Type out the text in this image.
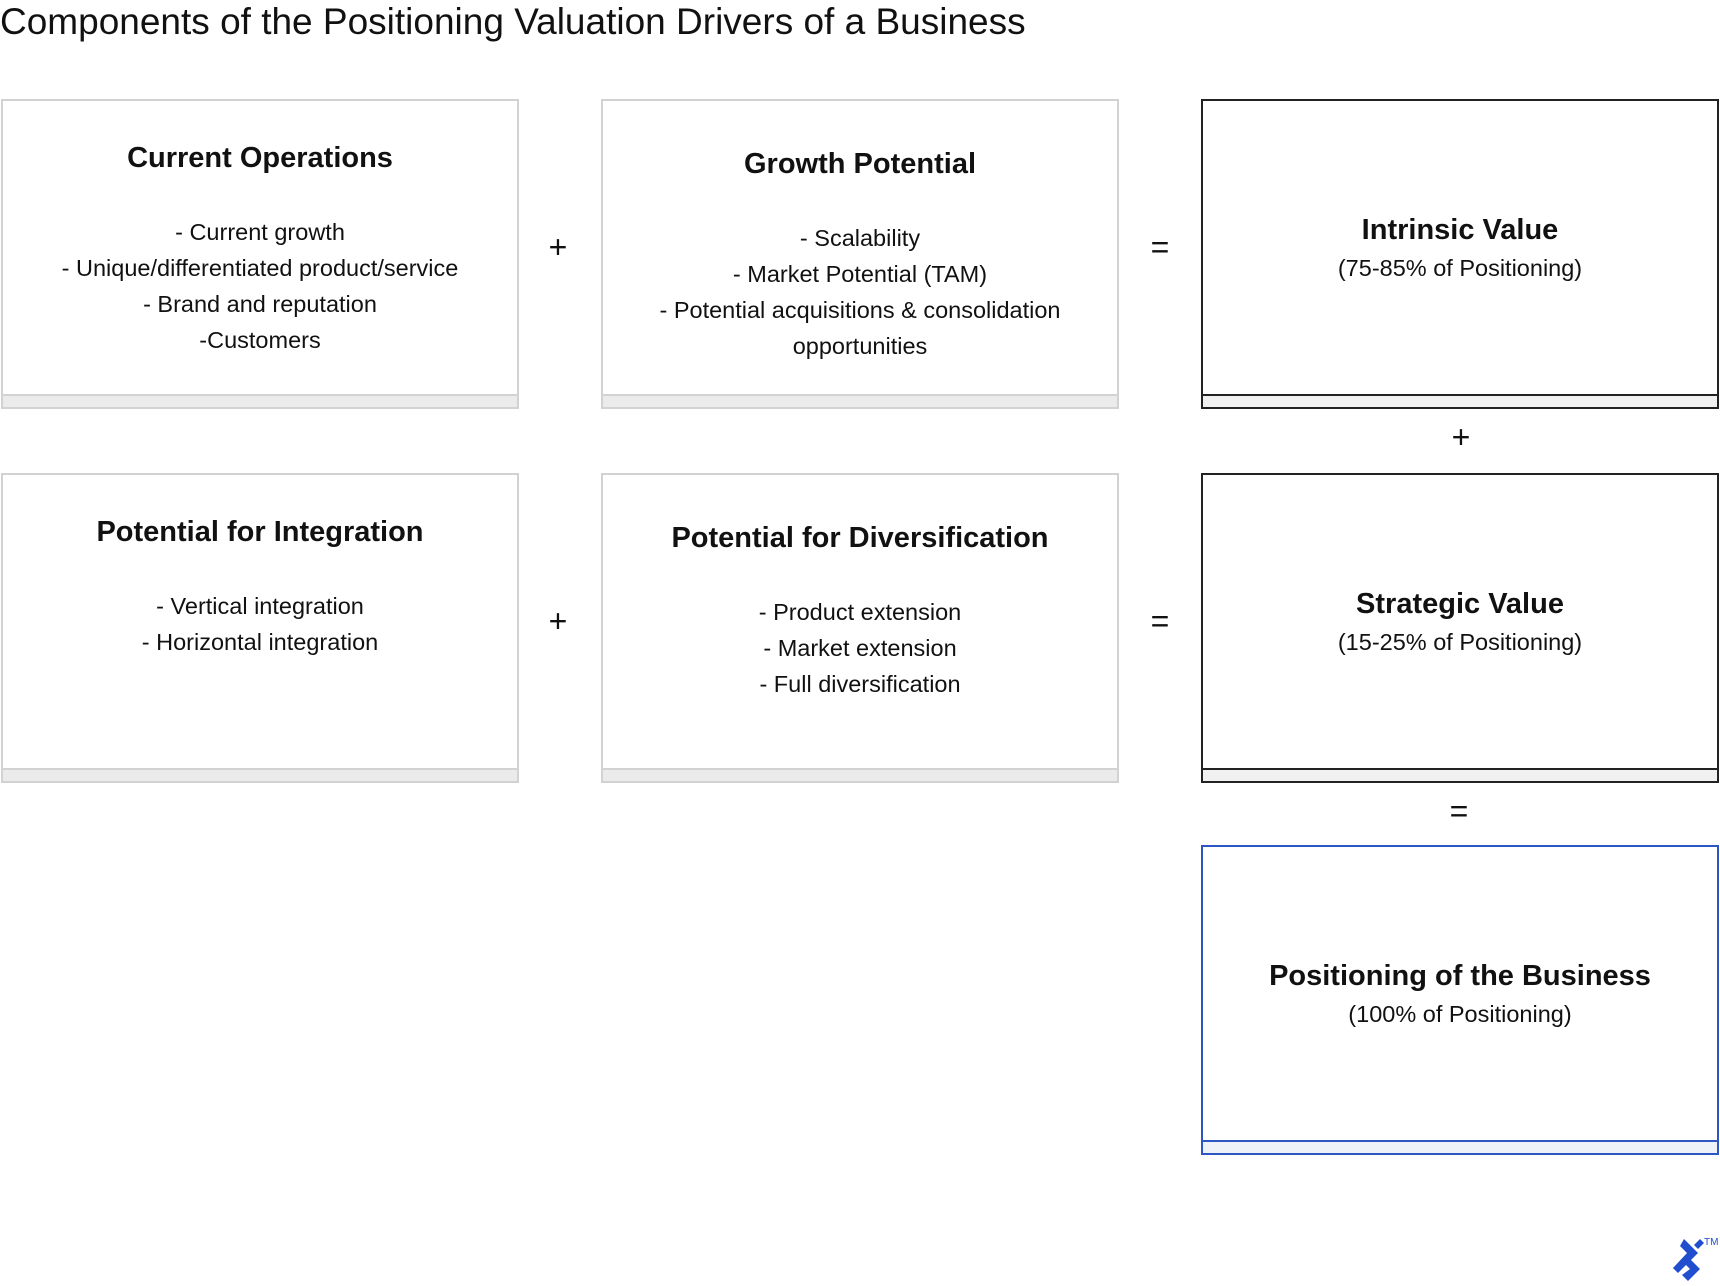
Components of the Positioning Valuation Drivers of a Business
Current Operations
- Current growth
- Unique/differentiated product/service
- Brand and reputation
-Customers
+
Growth Potential
- Scalability
- Market Potential (TAM)
- Potential acquisitions & consolidation
opportunities
=	Intrinsic Value
(75-85% of Positioning)
+
Potential for Integration
- Vertical integration
- Horizontal integration
+
Potential for Diversification
- Product extension
- Market extension
- Full diversification
=	Strategic Value
(15-25% of Positioning)
=
Positioning of the Business
(100% of Positioning)
TM
